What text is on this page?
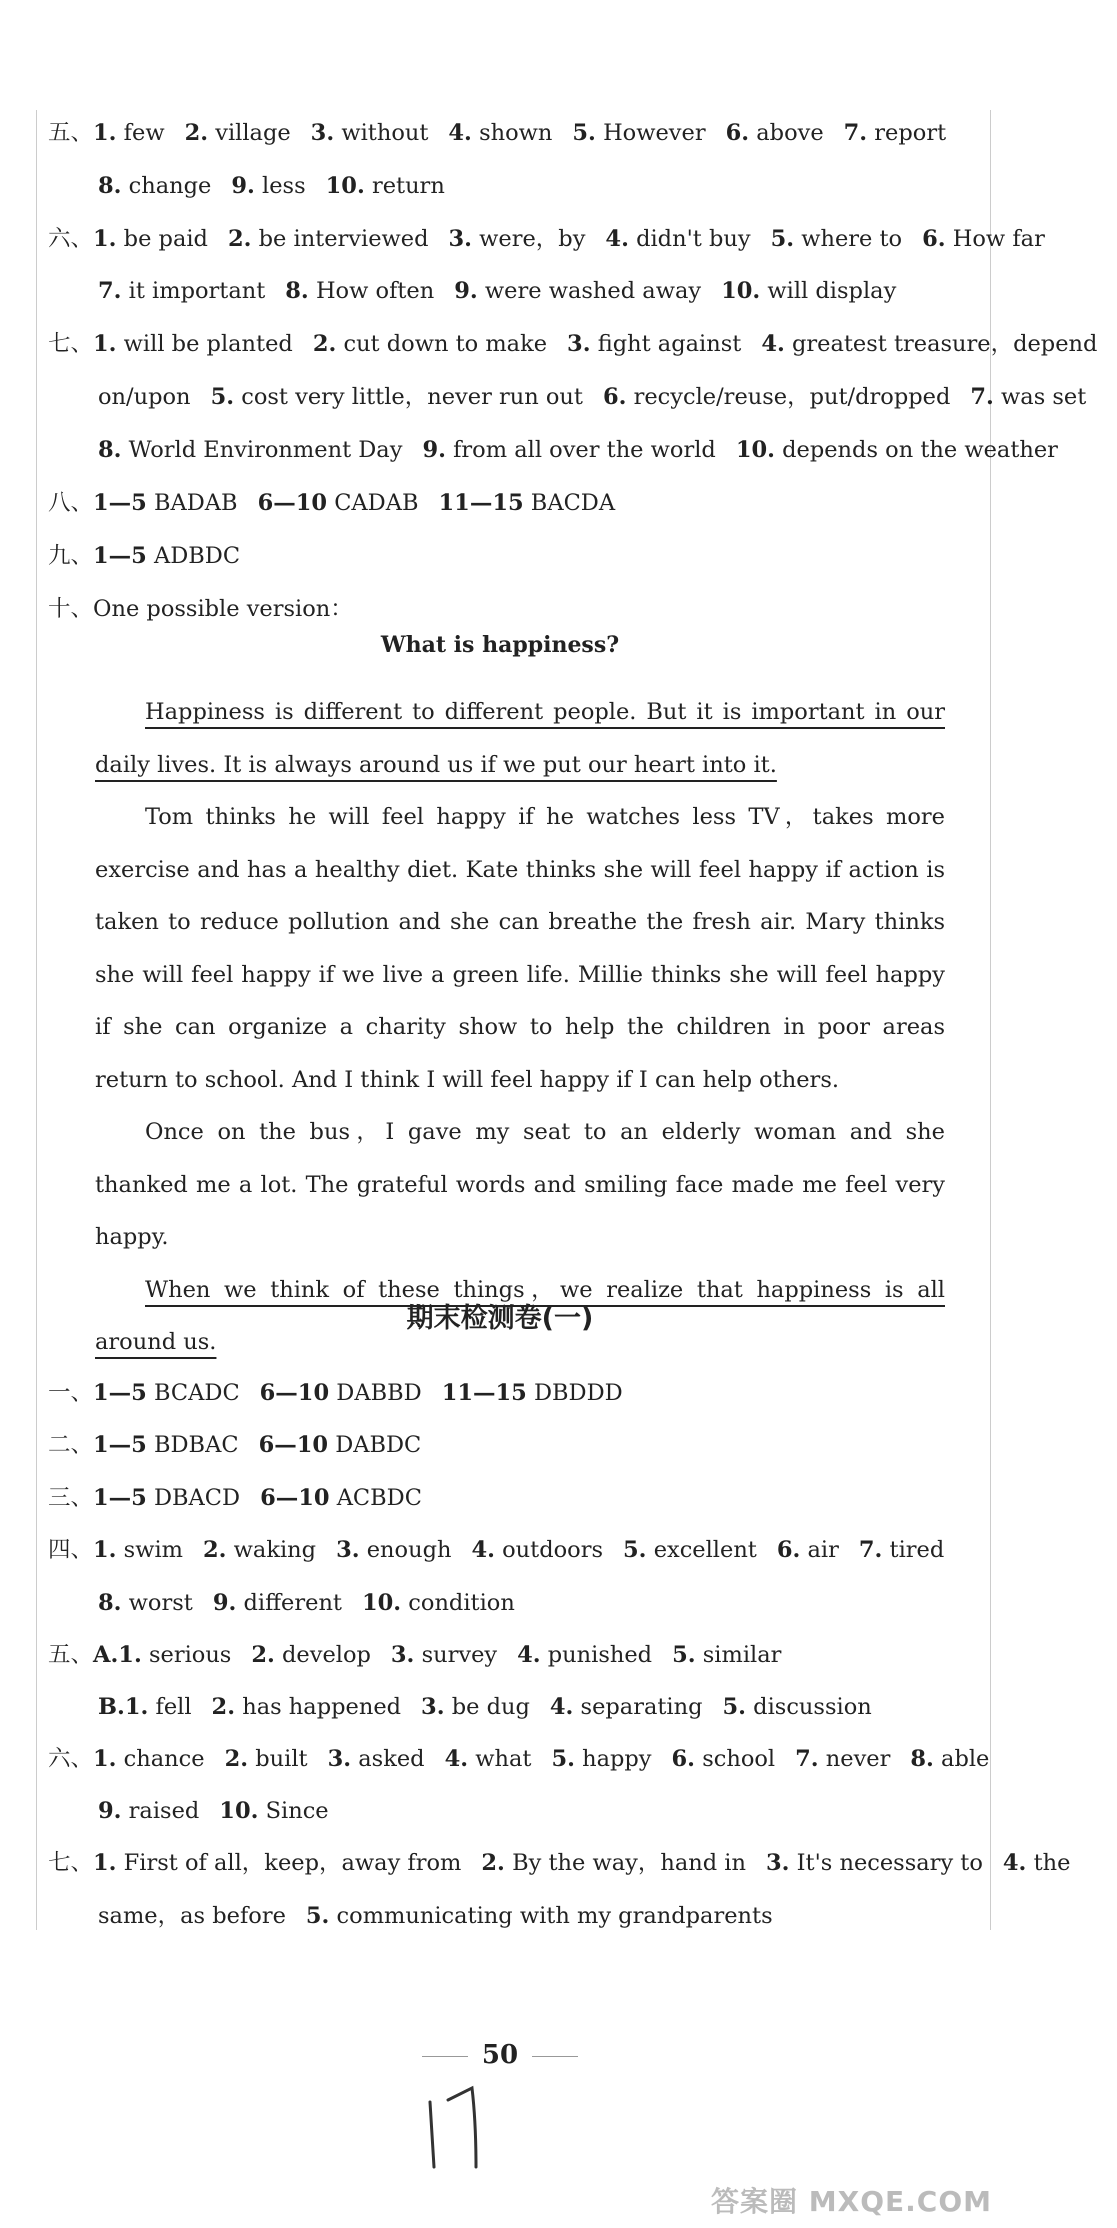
五、1. few 2. village 3. without 4. shown 5. However 6. above 7. report
8. change 9. less 10. return
六、1. be paid 2. be interviewed 3. were，by 4. didn't buy 5. where to 6. How far
7. it important 8. How often 9. were washed away 10. will display
七、1. will be planted 2. cut down to make 3. fight against 4. greatest treasure，depend
on/upon 5. cost very little，never run out 6. recycle/reuse，put/dropped 7. was set
8. World Environment Day 9. from all over the world 10. depends on the weather
八、1—5 BADAB 6—10 CADAB 11—15 BACDA
九、1—5 ADBDC
十、One possible version：
What is happiness?

Happiness is different to different people. But it is important in our daily lives. It is always around us if we put our heart into it.

Tom thinks he will feel happy if he watches less TV，takes more exercise and has a healthy diet. Kate thinks she will feel happy if action is taken to reduce pollution and she can breathe the fresh air. Mary thinks she will feel happy if we live a green life. Millie thinks she will feel happy if she can organize a charity show to help the children in poor areas return to school. And I think I will feel happy if I can help others.

Once on the bus，I gave my seat to an elderly woman and she thanked me a lot. The grateful words and smiling face made me feel very happy.

When we think of these things，we realize that happiness is all around us.

期末检测卷(一)
一、1—5 BCADC 6—10 DABBD 11—15 DBDDD
二、1—5 BDBAC 6—10 DABDC
三、1—5 DBACD 6—10 ACBDC
四、1. swim 2. waking 3. enough 4. outdoors 5. excellent 6. air 7. tired
8. worst 9. different 10. condition
五、A.1. serious 2. develop 3. survey 4. punished 5. similar
B.1. fell 2. has happened 3. be dug 4. separating 5. discussion
六、1. chance 2. built 3. asked 4. what 5. happy 6. school 7. never 8. able
9. raised 10. Since
七、1. First of all，keep，away from 2. By the way，hand in 3. It's necessary to 4. the
same，as before 5. communicating with my grandparents
50
答案圈 MXQE.COM
